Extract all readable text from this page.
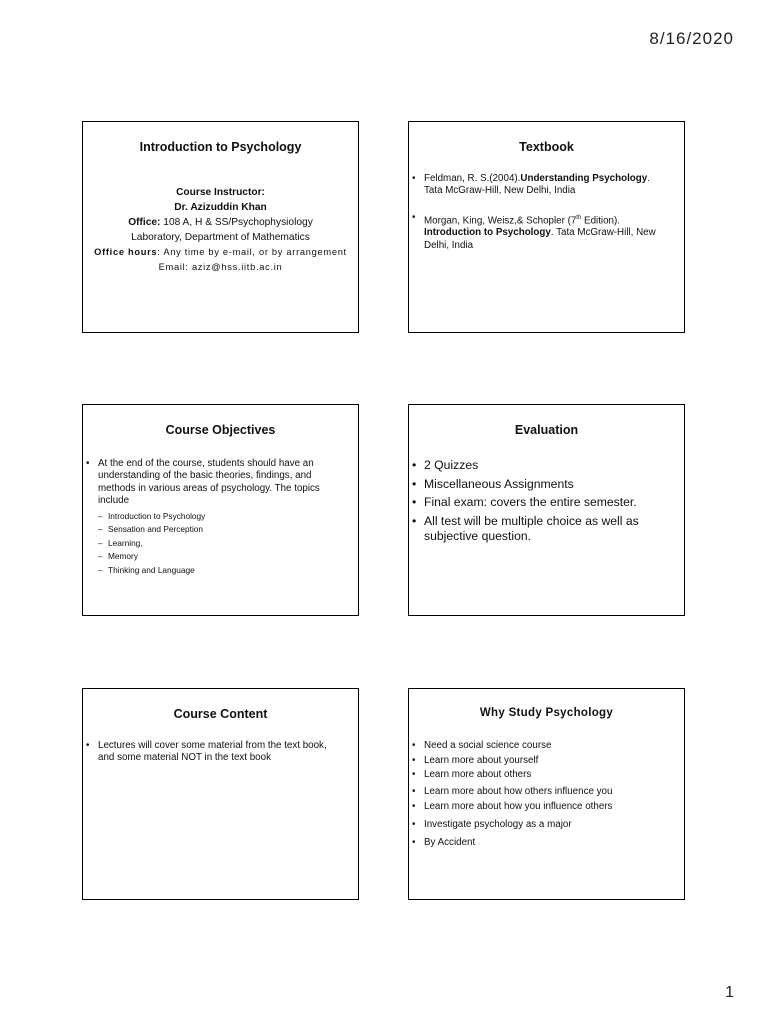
8/16/2020
Introduction to Psychology
Course Instructor:
Dr. Azizuddin Khan
Office: 108 A, H & SS/Psychophysiology
Laboratory, Department of Mathematics
Office hours: Any time by e-mail, or by arrangement
Email: aziz@hss.iitb.ac.in
Textbook
• Feldman, R. S.(2004).Understanding Psychology. Tata McGraw-Hill, New Delhi, India
• Morgan, King, Weisz,& Schopler (7th Edition). Introduction to Psychology. Tata McGraw-Hill, New Delhi, India
Course Objectives
• At the end of the course, students should have an understanding of the basic theories, findings, and methods in various areas of psychology. The topics include
– Introduction to Psychology
– Sensation and Perception
– Learning,
– Memory
– Thinking and Language
Evaluation
• 2 Quizzes
• Miscellaneous Assignments
• Final exam: covers the entire semester.
• All test will be multiple choice as well as subjective question.
Course Content
• Lectures will cover some material from the text book, and some material NOT in the text book
Why Study Psychology
• Need a social science course
• Learn more about yourself
• Learn more about others
• Learn more about how others influence you
• Learn more about how you influence others
• Investigate psychology as a major
• By Accident
1
